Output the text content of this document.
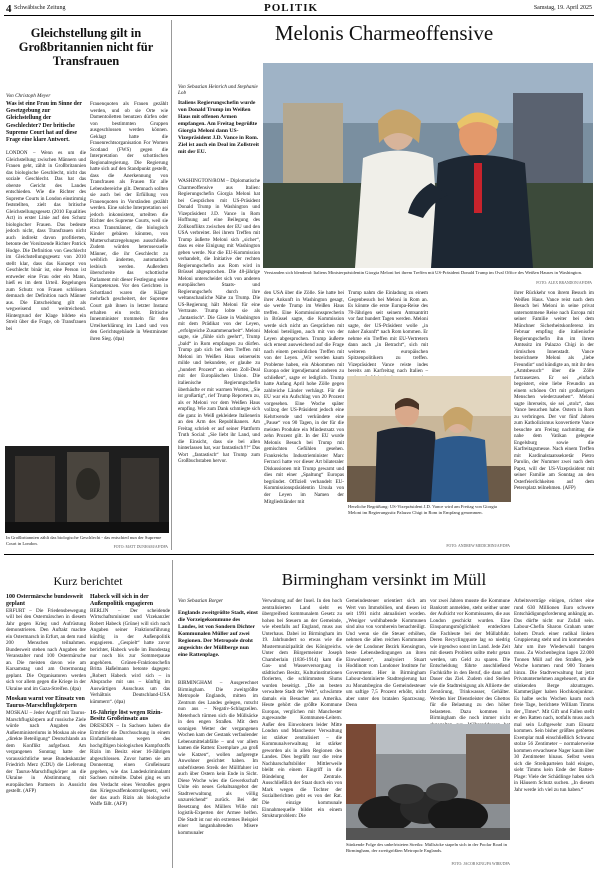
4 Schwäbische Zeitung	POLITIK	Samstag, 19. April 2025
Gleichstellung gilt in Großbritannien nicht für Transfrauen
Von Christoph Meyer
Was ist eine Frau im Sinne der Gesetzgebung zur Gleichstellung der Geschlechter? Der britische Supreme Court hat auf diese Frage eine klare Antwort.
LONDON – Wenn es um die Gleichstellung zwischen Männern und Frauen geht, zählt in Großbritannien das biologische Geschlecht, nicht das soziale Geschlecht. Das hat das oberste Gericht des Landes entschieden. Wie die Richter des Supreme Courts in London einstimmig feststellten, zielt das britische Gleichstellungsgesetz (2010 Equalities Act) in erster Linie auf den Schutz biologischer Frauen. Das bedeute jedoch nicht, dass Transfrauen nicht auch indirekt davon profitierten, betonte der Vorsitzende Richter Patrick Hodge. Die Definition von Geschlecht im Gleichstellungsgesetz von 2010 stellt klar, dass das Konzept von Geschlecht binär ist, eine Person ist entweder eine Frau oder ein Mann, hieß es im dem Urteil. Regelungen zum Schutz von Frauen schlössen demnach der Definition nach Männer aus. Die Entscheidung gilt als wegweisend und weitreichend. Hintergrund der Klage bildete ein Streit über die Frage, ob Transfrauen bei
Frauenquoten als Frauen gezählt werden, und ob sie Orte wie Damentoiletten benutzen dürfen oder von bestimmten Gruppen ausgeschlossen werden können. Geklagt hatte die Frauenrechtsorganisation For Women Scotland (FWS) gegen die Interpretation der schottischen Regionalregierung. Die Regierung hatte sich auf den Standpunkt gestellt, dass die Anerkennung von Transfrauen als Frauen für alle Lebensbereiche gilt. Demnach sollten sie auch bei der Erfüllung von Frauenquoten in Vorständen gezählt werden. Eine solche Interpretation sei jedoch inkonsistent, urteilten die Richter des Supreme Courts, weil sie etwa Transmänner, die biologisch Kinder gebären könnten, von Mutterschutzregelungen ausschließe. Zudem würden heterosexuelle Männer, die ihr Geschlecht zu weiblich änderten, automatisch lesbisch werden. Außerdem überschreite das schottische Parlament mit dieser Festlegung seine Kompetenzen. Vor den Gerichten in Schottland waren die Kläger mehrfach gescheitert, der Supreme Court gab ihnen in letzter Instanz erhalten ein recht. Britische Innenminister trommeln für den Urteilserklärung im Land und von den Gerichtsgebäude in Westminster ihren Sieg. (dpa)
In Großbritannien zählt das biologische Geschlecht - das entschied nun der Supreme Court in London.
FOTO: MATT DUNHAM/AP/DPA
Melonis Charmeoffensive
Von Sebastian Heinrich und Stephanie Lob
Italiens Regierungschefin wurde von Donald Trump im Weißen Haus mit offenen Armen empfangen. Am Freitag begrüßte Giorgia Meloni dann US-Vizepräsident J.D. Vance in Rom. Ziel ist auch ein Deal im Zollstreit mit der EU.
WASHINGTON/ROM – Diplomatische Charmeoffensive aus Italien: Regierungschefin Giorgia Meloni hat bei Gesprächen mit US-Präsident Donald Trump in Washington und Vizepräsident J.D. Vance in Rom Hoffnung auf eine Beilegung des Zollkonflikts zwischen der EU und den USA verbreitet. Bei ihrem Treffen mit Trump äußerte Meloni sich „sicher“, dass es eine Einigung mit Washington geben werde. Nur die EU-Kommission verhandelt, die Initiative der rechten Regierungschefin aus Rom wird in Brüssel abgesprochen. Die 48-jährige Meloni unterscheidet sich von anderen europäischen Staats- und Regierungschefs durch ihre weltanschauliche Nähe zu Trump. Die US-Regierung hält Meloni für eine Vertraute. Trump lobte sie als „fantastisch“. Die Gäste in Washington mit dem Prädikat von der Leyen, „erfolgreiche Zusammenarbeit“. Meloni sagte, sie „fühle sich geehrt“, Trump „bald“ in Rom empfangen zu dürfen. Trump gab sich bei dem Treffen mit Meloni im Weißen Haus seinerseits milde und bekundete, er glaube zu „hundert Prozent“ an einen Zoll-Deal mit der Europäischen Union. Die italienische Regierungschefin überhäufte er mit warmen Worten, „Sie ist großartig“, rief Trump Reportern zu, als er Meloni vor dem Weißen Haus empfing. Wie zum Dank schmiegte sich die ganz in Weiß gekleidete Italienerin an den Arm des Republikaners. Am Freitag schrieb er auf seiner Plattform Truth Social: „Sie liebt ihr Land, und die Einsicht, dass sie bei allen hinterlassen hat, war fantastisch!!!“ Das Wort „fantastisch“ hat Trump zum Großbuchstaben hervor.
Verstanden sich blendend: Italiens Ministerpräsidentin Giorgia Meloni bei ihrem Treffen mit US-Präsident Donald Trump im Oval Office des Weißen Hauses in Washington.
FOTO: ALEX BRANDON/AP/DPA
den USA über die Zölle. Sie hatte bei ihrer Ankunft in Washington gesagt, sie werde Trump im Weißen Haus treffen. Eine Kommissionssprecherin in Brüssel sagte, die Kommission werde sich nicht an Gesprächen mit Meloni beteiligen, auch mit von der Leyen abgesprochen. Trump äußerte sich erneut ausweichend auf die Frage nach einem persönlichen Treffen mit von der Leyen. „Wir werden kaum Probleme haben, ein Abkommen mit Europa oder irgendjemand anderen zu schließen“, sagte er lediglich. Trump hatte Anfang April hohe Zölle gegen zahlreiche Länder verhängt. Für die EU war ein Aufschlag von 20 Prozent vorgesehen. Eine Woche später vollzog der US-Präsident jedoch eine Kehrtwende und verkündete eine „Pause“ von 90 Tagen, in der für die meisten Produkte ein Mindestsatz von zehn Prozent gilt. In der EU wurde Melonis Besuch bei Trump mit gemischten Gefühlen gesehen. Frankreichs Industrieminister Marc Ferracci hatte vor dieser Art bilateraler Diskussionen mit Trump gewarnt und dies mit einer „Spaltung“ Europas begründet. Offiziell verhandelt EU-Kommissionspräsidentin Ursula von der Leyen im Namen der Mitgliedsländer mit
Trump nahm die Einladung zu einem Gegenbesuch bei Meloni in Rom an. Es könnte die erste Europa-Reise des 78-Jährigen seit seinem Amtsantritt vor fast hundert Tagen werden. Meloni sagte, der US-Präsident wolle „in naher Zukunft“ nach Rom kommen. Er nehme ein Treffen mit EU-Vertretern dann auch „in Betracht“, sich mit weiteren europäischen Spitzenpolitikern zu treffen. Vizepräsident Vance reiste indes bereits am Karfreitag nach Italien –
Herzliche Begrüßung: US-Vizepräsident J.D. Vance wird am Freitag von Giorgia Meloni im Regierungssitz Palazzo Chigi in Rom in Empfang genommen.
FOTO: ANDREW MEDICHINI/AP/DPA
ihrer Rückkehr von ihrem Besuch im Weißen Haus. Vance reist nach dem Besuch bei Meloni in seine privat unternommene Reise nach Europa mit seiner Familie weiter bei dem Münchner Sicherheitskonferenz im Februar empfing die italienische Regierungschefin ihn im ihrem Amtssitz im Palazzo Chigi in der römischen Innenstadt. Vance bezeichnete Meloni als „liebe Freundin“ und kündigte an, mit ihr den „Amtsbesuch“ über die Zölle fortzusetzen. Er sei „einfach begeistert, eine liebe Freundin an einem schönen Ort mit großartigem Menschen wiederzusehen“. Meloni sagte ihrerseits, sie sei „stolz“, dass Vance besuchen habe. Ostern in Rom zu verbringen. Der vor fünf Jahren zum Katholizismus konvertierte Vance besuchte am Freitag nachmittag die nahe dem Vatikan gelegene Engelsburg sowie die Karfreitagsmesse. Nach einem Treffen mit Kardinalstaatssekretär Pietro Parolin, der Nummer zwei nach dem Papst, will der US-Vizepräsident mit seiner Familie am Sonntag an den Osterfeierlichkeiten auf dem Petersplatz teilnehmen. (AFP)
Kurz berichtet
100 Ostermärsche bundesweit geplant
ERFURT – Die Friedensbewegung will bei den Ostermärschen in diesem Jahr gegen Krieg und Aufrüstung demonstrieren. Den Auftakt machte ein Ostermarsch in Erfurt, an dem rund 200 Menschen teilnahmen. Bundesweit stehen nach Angaben der Veranstalter rund 100 Ostermärsche an. Die meisten davon wie am Karsamstag und am Ostermontag geplant. Die Organisatoren werden sich vor allem gegen die Kriege in der Ukraine und im Gaza-Streifen. (dpa)
Moskau warnt vor Einsatz von Taurus-Marschflugkörpern
MOSKAU – Jeder Angriff mit Taurus-Marschflugkörpern auf russische Ziele würde nach Angaben des Außenministeriums in Moskau als eine „direkte Beteiligung“ Deutschlands an dem Konflikt aufgefasst. Am vergangenen Sonntag hatte der voraussichtliche neue Bundeskanzler Friedrich Merz (CDU) die Lieferung der Taurus-Marschflugkörper an die Ukraine in Abstimmung mit europäischen Partnern in Aussicht gestellt. (AFP)
Habeck will sich in der Außenpolitik engagieren
BERLIN – Der scheidende Wirtschaftsminister und Vizekanzler Robert Habeck (Grüne) will sich nach Angaben seiner Fraktionsführung künftig in der Außenpolitik engagieren. „Gespielt“ hatte zuvor berichtet, Habeck wolle im Bundestag nur noch bis zur Sommerpause angehören. Grünen-Fraktionschefin Britta Haßelmann betonte dagegen: „Robert Habeck wird sich – in Absprache mit uns – künftig im Auswärtigen Ausschuss um das Verhältnis Deutschland-USA kümmern“. (dpa)
16-Jährige löst wegen Rizin-Besitz Großeinsatz aus
DRESDEN – In Sachsen haben die Ermittler die Durchsuchung in einem Einfamilienhaus wegen des hochgiftigen biologischen Kampfstoffs Rizin im Besitz einer 16-Jährigen abgeschlossen. Zuvor hatten sie am Donnerstag einen Großeinsatz gegeben, wie das Landeskriminalamt Sachsen mitteilte. Dabei ging es um den Verdacht eines Verstoßes gegen das Kriegswaffenkontrollgesetz, weil der das auch Rizin als biologische Waffe fällt. (AFP)
Birmingham versinkt im Müll
Von Sebastian Borger
Englands zweitgrößte Stadt, einst die Vorzeigekommune des Landes, ist von Sondern Dichter Kommunalen Müller auf zwei Regionen. Der Metropole droht angesichts der Müllberge nun eine Rattenplage.
BIRMINGHAM – Ausgerechnet Birmingham. Die zweitgrößte Metropole Englands, mitten im Zentrum des Landes gelegen, rutscht nun aus – Negativ-Schlagzeilen. Meterhoch türmen sich die Müllsäcke in den engen Straßen. Mit dem sonnigen Wetter der vergangenen Wochen kam der Gestank verfaulender Lebensmittelabfälle – und vor allem kamen die Ratten: Exemplare „so groß wie Katzen“, wollen aufgeregte Anwohner gesichtet haben. Im unbefristeten Streik der Müllfahrer ist auch über Ostern kein Ende in Sicht. Diese Woche wies die Gewerkschaft Unite ein neues Gehaltsangebot der Stadtverwaltung als völlig unzureichend“ zurück. Bei der Besetzung des Müllers Wille mit logistik-Experten der Armee helfen. Die Stadt ist nur ein extremes Beispiel einer langanhaltenden Misere kommunaler
Verwaltung auf der Insel. In den hoch zentralisierten Land sieht es übergreifend kommunalem Gesetz zu hohen bei Steuern an der Gemeinde, wie ebenfalls auf England, muss aus Unterhaus. Dabei ist Birmingham im 19. Jahrhundert so etwas wie die Mustermunizipalität des Königreichs. Unter dem Bürgermeister Joseph Chamberlain (1836-1914) kam die Gas- und Wasserversorgung in städtischen Besitz, Kulturinstitutionen florierten, die schlimmsten Slums wurden beseitigt. „Die an besten verwaltete Stadt der Welt“, schwärmte damals ein Besucher aus Amerika. Heute gehört die größte Kommune Europas, verglichen mit Manchester zugewandte Kommunen-Leitern. Außer den Einwohnern leider Mitte London und Manchester Verwaltung ist stärker zentralisiert – die Kommunalverwaltung ist stärker geworden als in allen Regionen des Landes. Dies begrüßt nur die reine Nachbarschaftsbilder Mittlerweile bleibt ein einem Eingriff in die Bündelung der Zentrale. Ausschließlich der Staat durch ein von Mark wegen die Tochter der Sozialberichten geht es von der Rat. Die einzige kommunale Einnahmequelle bildet ein einem Strukturproblem: Die
Gemeindesteuer orientiert sich am Wert von Immobilien, und diesen ist seit 1991 nicht aktualisiert worden. „Weniger wohlhabende Kommunen sind also von vornherein benachteiligt. Und wenn sie die Steuer erhöhen, nehmen die allen reichen Kommunen wie der Londoner Bezirk Kensington, beste Lebensbedingungen an ihren Einwohnern“, analysiert Stuart Hoddinott vom Londoner Institute for Government. Hier in Birmingham Labour-dominierte Stadtregierung hat zu Monatsbeginn die Gemeindesteuer um saftige 7,5 Prozent erhöht, nicht aber unter den bratalen Sparzwang. Denn
vor zwei Jahren musste die Kommune Bankrott anmelden, steht seither unter der Aufsicht vor Kommissaren, die aus London geschickt wurden. Eine Einsparungsmöglichkeit entdeckten die Fachleute bei der Müllabfuhr. Deren Recyclingquote lag so niedrig wie irgendwo sonst im Land. Jede Zeit mit diesem Problem sollte mehr getan werden, um Geld zu sparen. Die Entscheidung führte anschließend Fachkräfte in den Beruf, die dann auf Dauer das Ziel. Zudem sind Stellen wie die Stadtreinigung als Alliierte der Zerstörung, Trinkwasser, Gehälter. Werden hier Dienstleister des Ghettos für die Belastung zu den höher belasteten. Dazu kommen in Birmingham die noch immer nicht
Stinkende Folge des unbefristeten Streiks: Müllsäcke stapeln sich in der Poolar Road in Birmingham, der zweitgrößten Metropole Englands.
FOTO: JACOB KING/PA WIRE/DPA
Arbeitsverträge einigen, richtet eine rund 630 Millionen Euro schwere Entschädigungsforderung anhängig an. Das dürfte nicht nur Zufall sein. Labour-Chefin Sharon Graham unter hohem Druck einer radikal linken Gruppierung steht und im kommenden Jahr um ihre Wiederwahl bangen muss. Zu Wochenbeginn lagen 22.000 Tonnen Müll auf den Straßen, jede Woche kommen rund 900 Tonnen hinzu. Die Stadtverwaltung hat jetzt Privatunternehmen angeheuert, um die stinkenden Berge abzutragen. Kammerjäger haben Hochkonjunktur. Es halbe sechs Wochen kaum noch freie Tage, berichtete William Timms der „Times“. Mit Gift und Fallen stellt er den Ratten nach, notfalls muss auch mal sein Luftgewehr zum Einsatz kommen. Sein bisher größtes getötetes Exemplar maß einschließlich Schwanz stolze 56 Zentimeter – normalerweise kommen erwachsene Nager kaum über 30 Zentimeter hinaus. Selbst wenn sich die Streikparteien bald einigen, sieht Timms kein Ende der Ratten-Plage: Viele der Schädlinge haben sich in Häusern Schutz suchen. „In diesem Jahr werde ich viel zu tun haben.“
